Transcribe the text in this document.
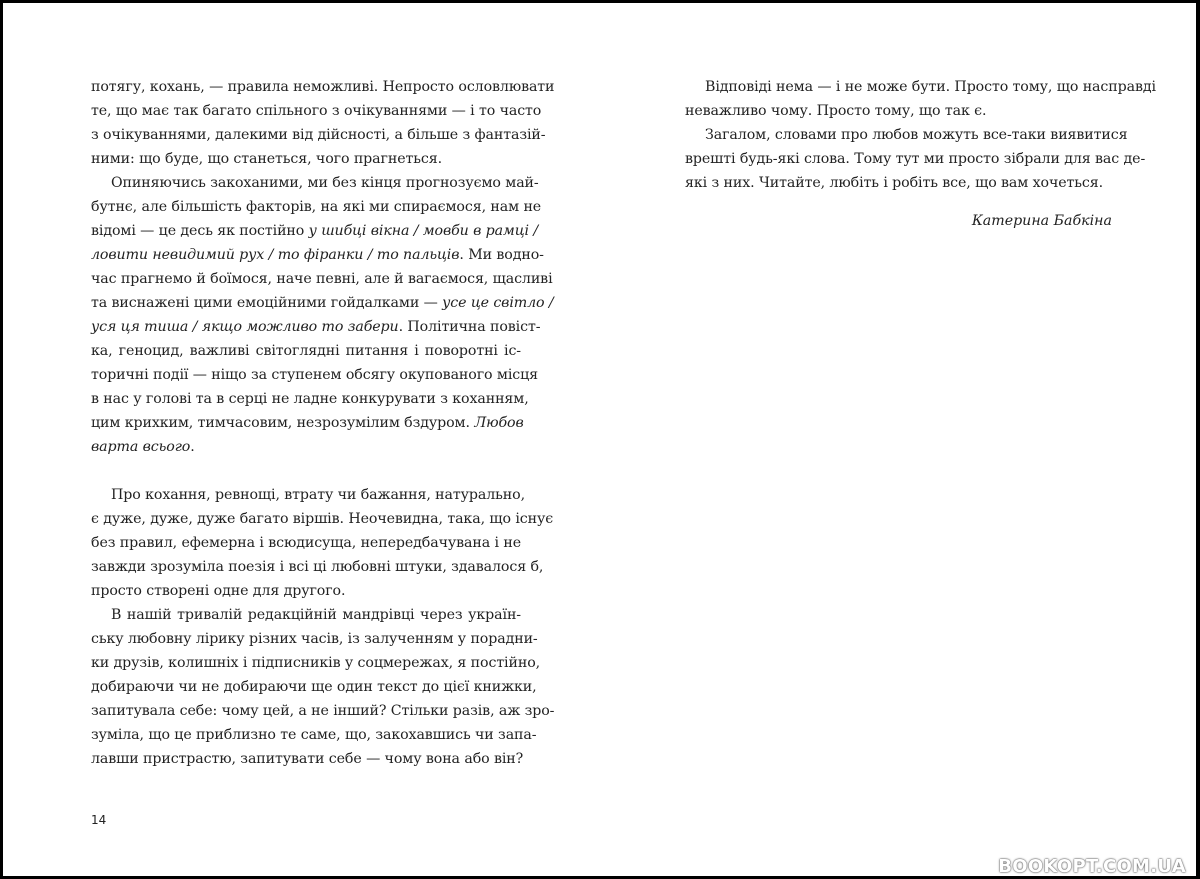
потягу, кохань, — правила неможливі. Непросто ословлювати
те, що має так багато спільного з очікуваннями — і то часто
з очікуваннями, далекими від дійсності, а більше з фантазій-
ними: що буде, що станеться, чого прагнеться.
Опиняючись закоханими, ми без кінця прогнозуємо май-
бутнє, але більшість факторів, на які ми спираємося, нам не
відомі — це десь як постійно у шибці вікна / мовби в рамці /
ловити невидимий рух / то фіранки / то пальців. Ми водно-
час прагнемо й боїмося, наче певні, але й вагаємося, щасливі
та виснажені цими емоційними гойдалками — усе це світло /
уся ця тиша / якщо можливо то забери. Політична повіст-
ка, геноцид, важливі світоглядні питання і поворотні іс-
торичні події — ніщо за ступенем обсягу окупованого місця
в нас у голові та в серці не ладне конкурувати з коханням,
цим крихким, тимчасовим, незрозумілим бздуром. Любов
варта всього.
Про кохання, ревнощі, втрату чи бажання, натурально,
є дуже, дуже, дуже багато віршів. Неочевидна, така, що існує
без правил, ефемерна і всюдисуща, непередбачувана і не
завжди зрозуміла поезія і всі ці любовні штуки, здавалося б,
просто створені одне для другого.
В нашій тривалій редакційній мандрівці через україн-
ську любовну лірику різних часів, із залученням у порадни-
ки друзів, колишніх і підписників у соцмережах, я постійно,
добираючи чи не добираючи ще один текст до цієї книжки,
запитувала себе: чому цей, а не інший? Стільки разів, аж зро-
зуміла, що це приблизно те саме, що, закохавшись чи запа-
лавши пристрастю, запитувати себе — чому вона або він?
14
Відповіді нема — і не може бути. Просто тому, що насправді
неважливо чому. Просто тому, що так є.
Загалом, словами про любов можуть все-таки виявитися
врешті будь-які слова. Тому тут ми просто зібрали для вас де-
які з них. Читайте, любіть і робіть все, що вам хочеться.
Катерина Бабкіна
BOOKOPT.COM.UA
